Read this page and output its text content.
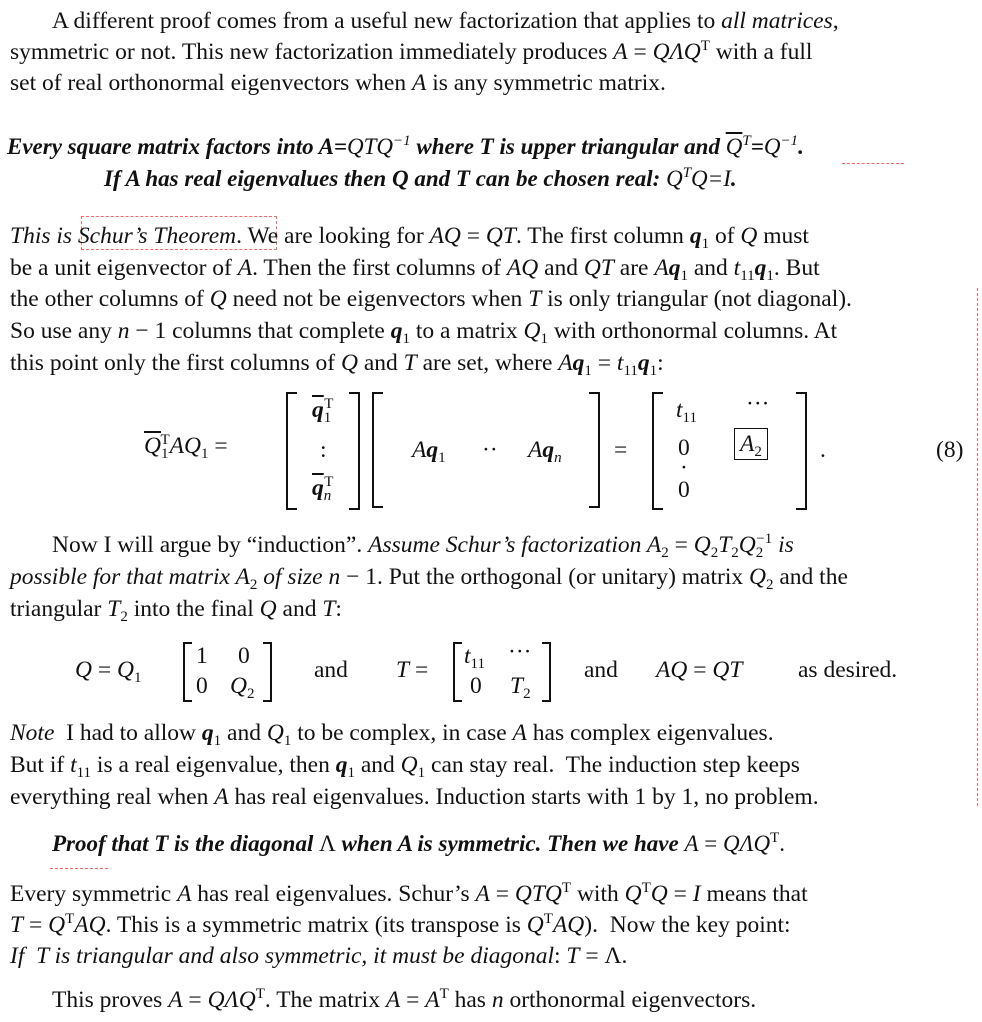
A different proof comes from a useful new factorization that applies to all matrices,
symmetric or not. This new factorization immediately produces $A = Q\Lambda Q^T$ with a full
set of real orthonormal eigenvectors when A is any symmetric matrix.
Every square matrix factors into $A=QTQ^{-1}$ where T is upper triangular and $\overline{Q}^T=Q^{-1}$.
If A has real eigenvalues then Q and T can be chosen real: $Q^TQ=I$.
This is Schur’s Theorem. We are looking for AQ = QT. The first column $q_1$ of Q must
be a unit eigenvector of A. Then the first columns of AQ and QT are $Aq_1$ and $t_{11}q_1$. But
the other columns of Q need not be eigenvectors when T is only triangular (not diagonal).
So use any n − 1 columns that complete $q_1$ to a matrix $Q_1$ with orthonormal columns. At
this point only the first columns of Q and T are set, where $Aq_1 = t_{11}q_1$:
$\overline{Q}_1^TAQ_1$ =
$\overline{q}_1^T$
:
$\overline{q}_n^T$
$Aq_1 \cdot\cdot Aq_n$ =
$t_{11}$
···
0 $A_2$
·
0
.	(8)
Now I will argue by “induction”. Assume Schur’s factorization $A_2 = Q_2T_2Q_2^{-1}$ is
possible for that matrix $A_2$ of size n − 1. Put the orthogonal (or unitary) matrix $Q_2$ and the
triangular $T_2$ into the final Q and T:
$Q = Q_1$
1 0
0 $Q_2$
and T =
$t_{11}$ ···
0 $T_2$
and AQ = QT as desired.
Note  I had to allow $q_1$ and $Q_1$ to be complex, in case A has complex eigenvalues.
But if $t_{11}$ is a real eigenvalue, then $q_1$ and $Q_1$ can stay real.  The induction step keeps
everything real when A has real eigenvalues. Induction starts with 1 by 1, no problem.
Proof that T is the diagonal Λ when A is symmetric. Then we have $A = Q\Lambda Q^T$.
Every symmetric A has real eigenvalues. Schur’s $A = QTQ^T$ with $Q^TQ = I$ means that
$T = Q^TAQ$. This is a symmetric matrix (its transpose is $Q^TAQ$).  Now the key point:
If  T is triangular and also symmetric, it must be diagonal: T = Λ.
This proves $A = Q\Lambda Q^T$. The matrix $A = A^T$ has n orthonormal eigenvectors.
